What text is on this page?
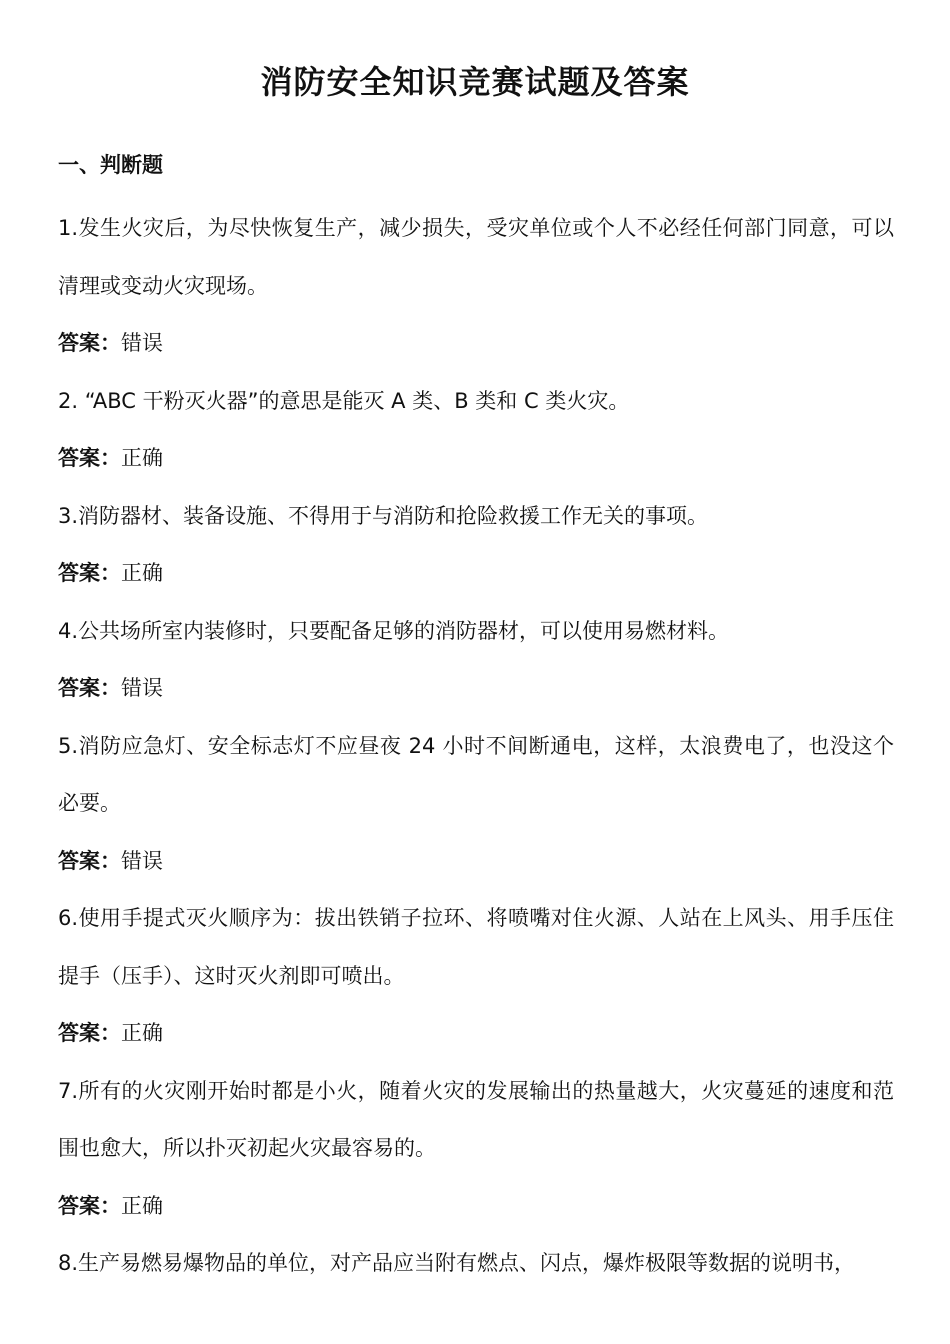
消防安全知识竞赛试题及答案
一、判断题

1.发生火灾后，为尽快恢复生产，减少损失，受灾单位或个人不必经任何部门同意，可以清理或变动火灾现场。

答案：错误

2. “ABC 干粉灭火器”的意思是能灭 A 类、B 类和 C 类火灾。

答案：正确

3.消防器材、装备设施、不得用于与消防和抢险救援工作无关的事项。

答案：正确

4.公共场所室内装修时，只要配备足够的消防器材，可以使用易燃材料。

答案：错误

5.消防应急灯、安全标志灯不应昼夜 24 小时不间断通电，这样，太浪费电了，也没这个必要。

答案：错误

6.使用手提式灭火顺序为：拔出铁销子拉环、将喷嘴对住火源、人站在上风头、用手压住提手（压手）、这时灭火剂即可喷出。

答案：正确

7.所有的火灾刚开始时都是小火，随着火灾的发展输出的热量越大，火灾蔓延的速度和范围也愈大，所以扑灭初起火灾最容易的。

答案：正确

8.生产易燃易爆物品的单位，对产品应当附有燃点、闪点，爆炸极限等数据的说明书，
